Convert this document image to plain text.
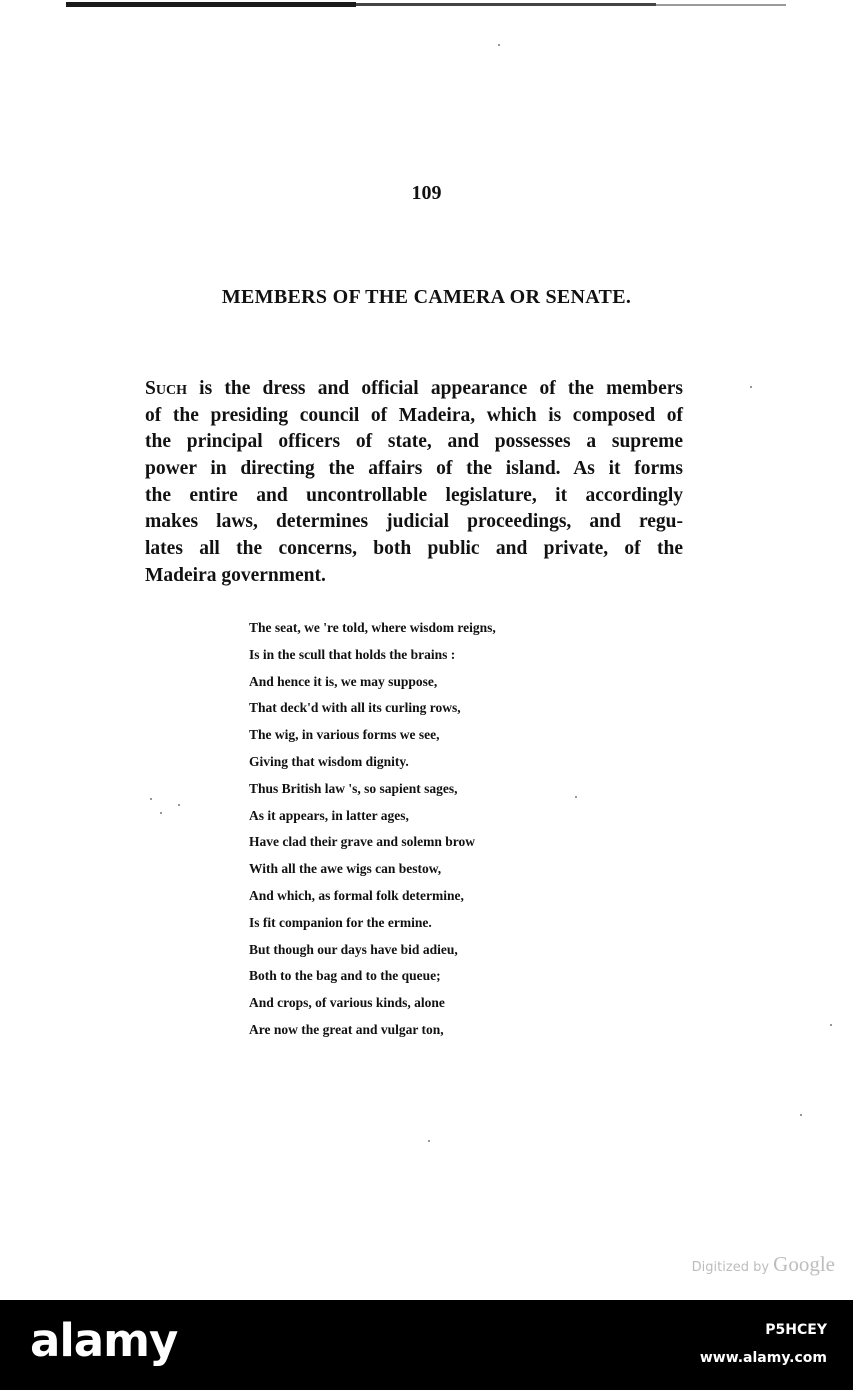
109
MEMBERS OF THE CAMERA OR SENATE.
Such is the dress and official appearance of the members
of the presiding council of Madeira, which is composed of
the principal officers of state, and possesses a supreme
power in directing the affairs of the island. As it forms
the entire and uncontrollable legislature, it accordingly
makes laws, determines judicial proceedings, and regu-
lates all the concerns, both public and private, of the
Madeira government.
The seat, we 're told, where wisdom reigns,
Is in the scull that holds the brains :
And hence it is, we may suppose,
That deck'd with all its curling rows,
The wig, in various forms we see,
Giving that wisdom dignity.
Thus British law 's, so sapient sages,
As it appears, in latter ages,
Have clad their grave and solemn brow
With all the awe wigs can bestow,
And which, as formal folk determine,
Is fit companion for the ermine.
But though our days have bid adieu,
Both to the bag and to the queue;
And crops, of various kinds, alone
Are now the great and vulgar ton,
Digitized by Google
alamy	P5HCEY
www.alamy.com
